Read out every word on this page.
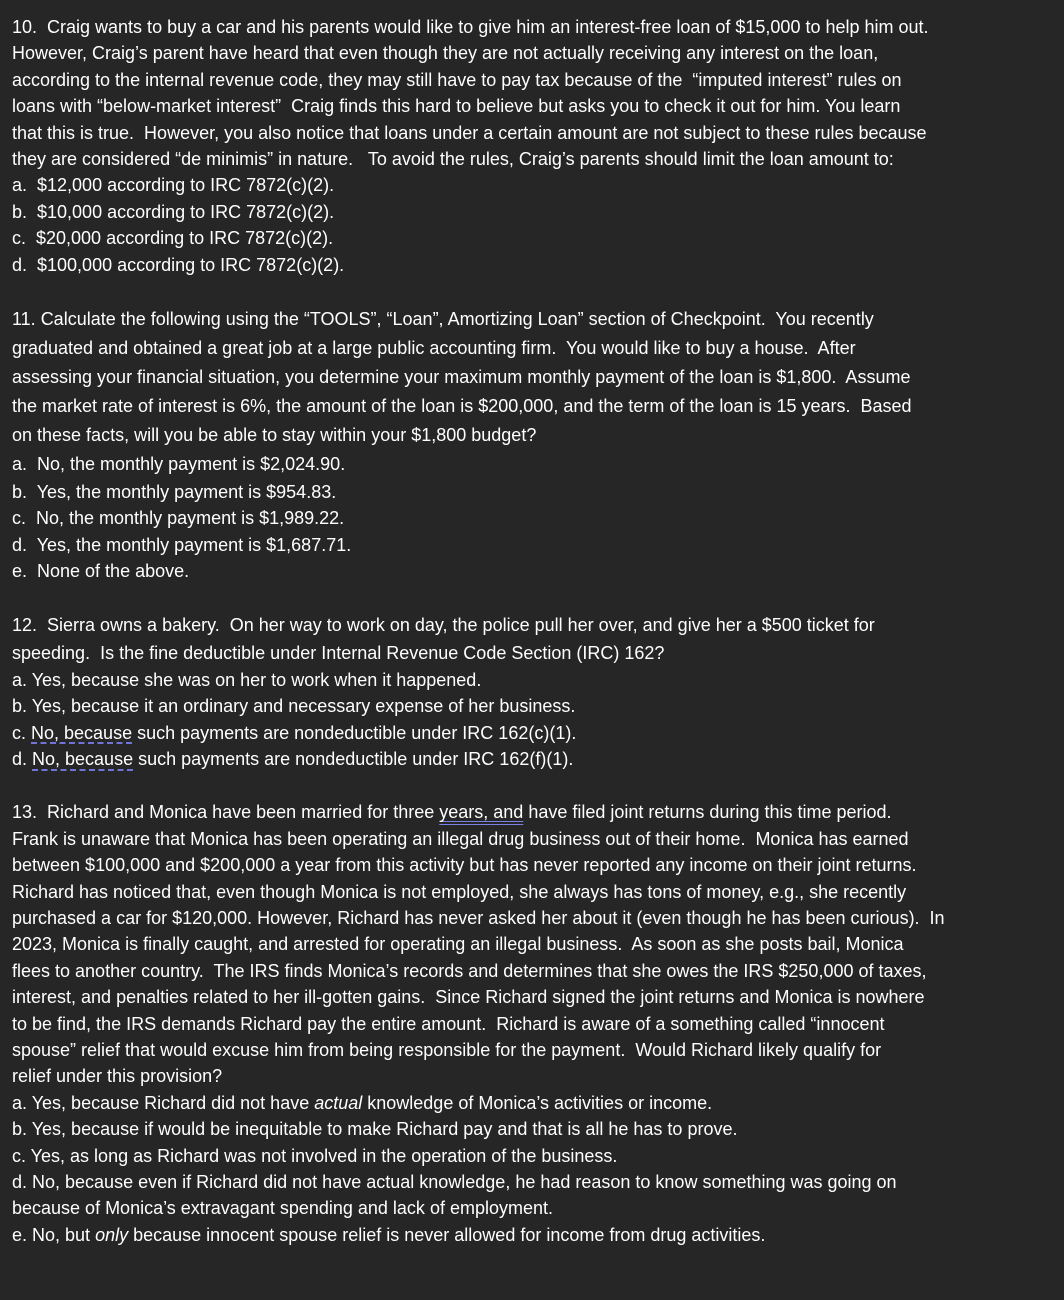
10.  Craig wants to buy a car and his parents would like to give him an interest-free loan of $15,000 to help him out.
However, Craig’s parent have heard that even though they are not actually receiving any interest on the loan,
according to the internal revenue code, they may still have to pay tax because of the  “imputed interest” rules on
loans with “below-market interest”  Craig finds this hard to believe but asks you to check it out for him. You learn
that this is true.  However, you also notice that loans under a certain amount are not subject to these rules because
they are considered “de minimis” in nature.   To avoid the rules, Craig’s parents should limit the loan amount to:
a.  $12,000 according to IRC 7872(c)(2).
b.  $10,000 according to IRC 7872(c)(2).
c.  $20,000 according to IRC 7872(c)(2).
d.  $100,000 according to IRC 7872(c)(2).
11. Calculate the following using the “TOOLS”, “Loan”, Amortizing Loan” section of Checkpoint.  You recently
graduated and obtained a great job at a large public accounting firm.  You would like to buy a house.  After
assessing your financial situation, you determine your maximum monthly payment of the loan is $1,800.  Assume
the market rate of interest is 6%, the amount of the loan is $200,000, and the term of the loan is 15 years.  Based
on these facts, will you be able to stay within your $1,800 budget?
a.  No, the monthly payment is $2,024.90.
b.  Yes, the monthly payment is $954.83.
c.  No, the monthly payment is $1,989.22.
d.  Yes, the monthly payment is $1,687.71.
e.  None of the above.
12.  Sierra owns a bakery.  On her way to work on day, the police pull her over, and give her a $500 ticket for
speeding.  Is the fine deductible under Internal Revenue Code Section (IRC) 162?
a. Yes, because she was on her to work when it happened.
b. Yes, because it an ordinary and necessary expense of her business.
c. No, because such payments are nondeductible under IRC 162(c)(1).
d. No, because such payments are nondeductible under IRC 162(f)(1).
13.  Richard and Monica have been married for three years, and have filed joint returns during this time period.
Frank is unaware that Monica has been operating an illegal drug business out of their home.  Monica has earned
between $100,000 and $200,000 a year from this activity but has never reported any income on their joint returns.
Richard has noticed that, even though Monica is not employed, she always has tons of money, e.g., she recently
purchased a car for $120,000. However, Richard has never asked her about it (even though he has been curious).  In
2023, Monica is finally caught, and arrested for operating an illegal business.  As soon as she posts bail, Monica
flees to another country.  The IRS finds Monica’s records and determines that she owes the IRS $250,000 of taxes,
interest, and penalties related to her ill-gotten gains.  Since Richard signed the joint returns and Monica is nowhere
to be find, the IRS demands Richard pay the entire amount.  Richard is aware of a something called “innocent
spouse” relief that would excuse him from being responsible for the payment.  Would Richard likely qualify for
relief under this provision?
a. Yes, because Richard did not have actual knowledge of Monica’s activities or income.
b. Yes, because if would be inequitable to make Richard pay and that is all he has to prove.
c. Yes, as long as Richard was not involved in the operation of the business.
d. No, because even if Richard did not have actual knowledge, he had reason to know something was going on
because of Monica’s extravagant spending and lack of employment.
e. No, but only because innocent spouse relief is never allowed for income from drug activities.
